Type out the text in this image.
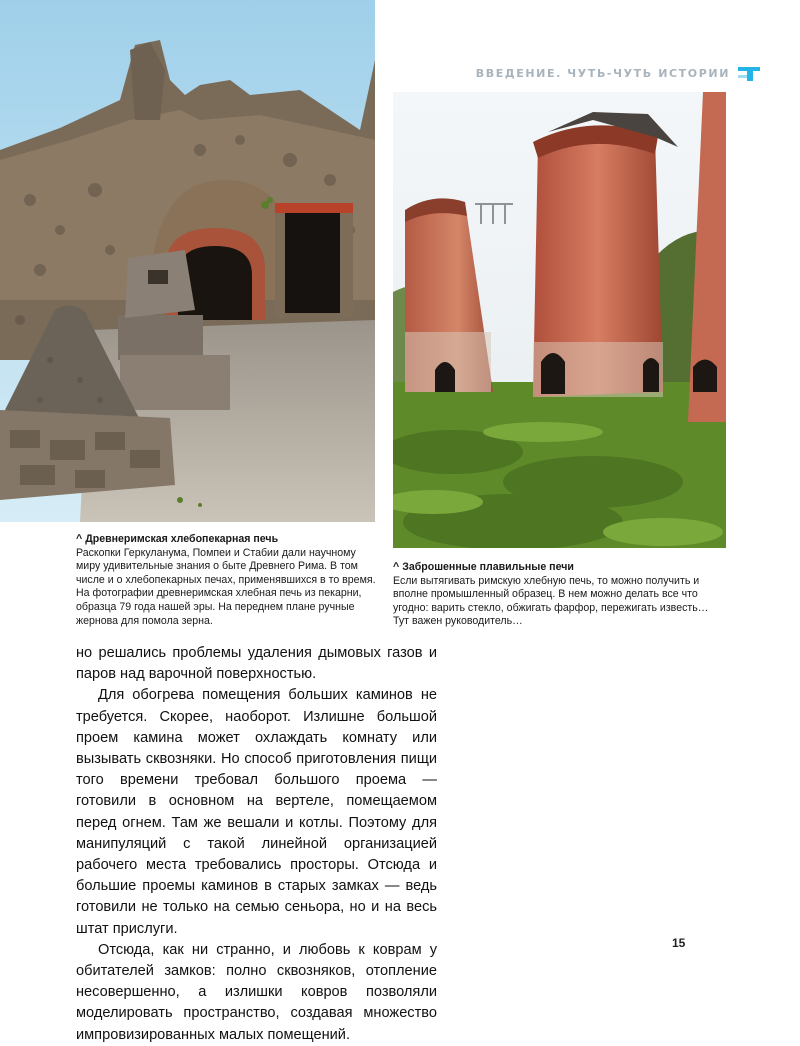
ВВЕДЕНИЕ. ЧУТЬ-ЧУТЬ ИСТОРИИ
^ Древнеримская хлебопекарная печь
Раскопки Геркуланума, Помпеи и Стабии дали научному миру удивительные знания о быте Древнего Рима. В том числе и о хлебопекарных печах, применявшихся в то время. На фотографии древнеримская хлебная печь из пекарни, образца 79 года нашей эры. На переднем плане ручные жернова для помола зерна.
^ Заброшенные плавильные печи
Если вытягивать римскую хлебную печь, то можно получить и вполне промышленный образец. В нем можно делать все что угодно: варить стекло, обжигать фарфор, пережигать известь… Тут важен руководитель…

но решались проблемы удаления дымовых газов и паров над варочной поверхностью.

Для обогрева помещения больших каминов не требуется. Скорее, наоборот. Излишне большой проем камина может охлаждать комнату или вызывать сквозняки. Но способ приготовления пищи того времени требовал большого проема — готовили в основном на вертеле, помещаемом перед огнем. Там же вешали и котлы. Поэтому для манипуляций с такой линейной организацией рабочего места требовались просторы. Отсюда и большие проемы каминов в старых замках — ведь готовили не только на семью сеньора, но и на весь штат прислуги.

Отсюда, как ни странно, и любовь к коврам у обитателей замков: полно сквозняков, отопление несовершенно, а излишки ковров позволяли моделировать пространство, создавая множество импровизированных малых помещений.

15
